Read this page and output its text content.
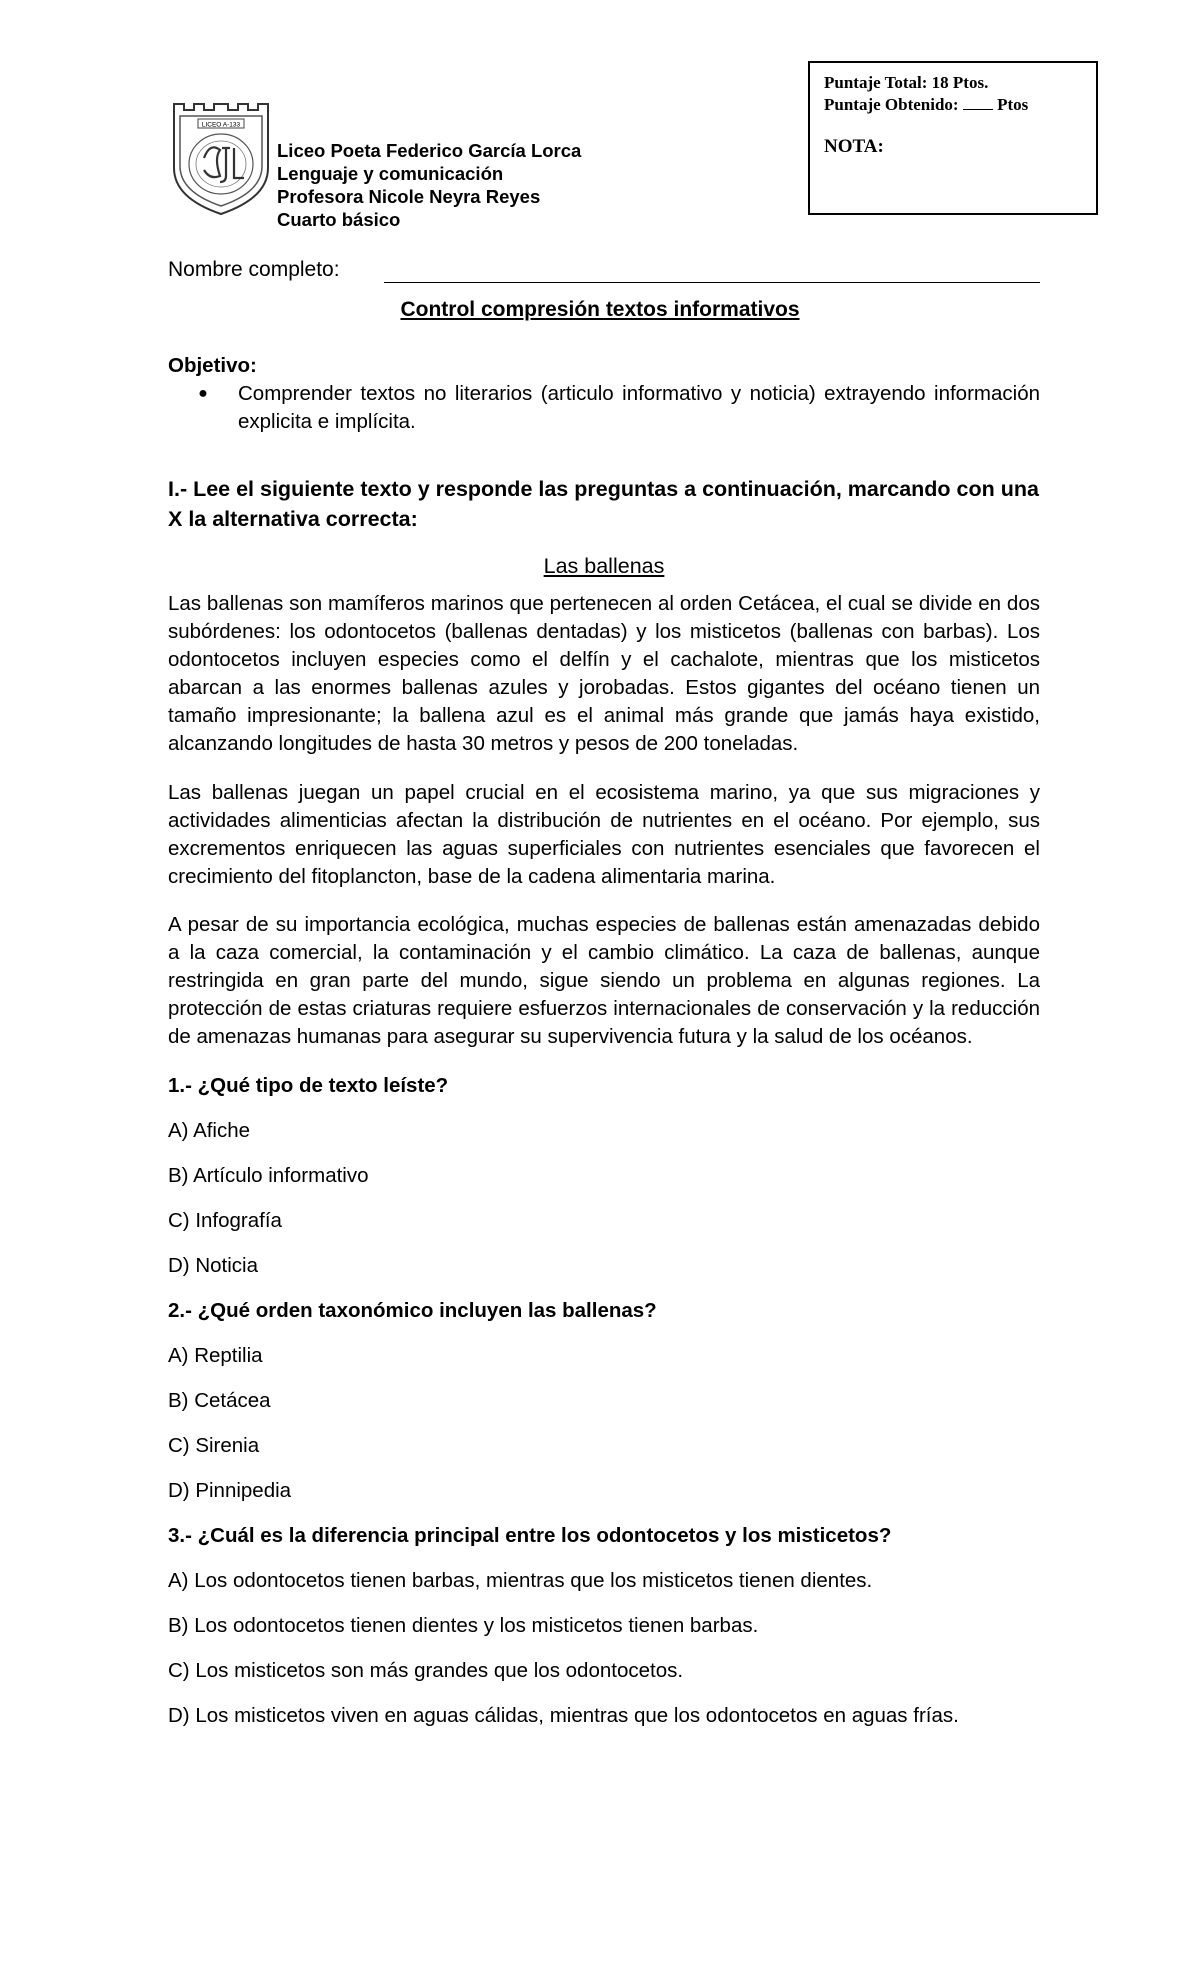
LICEO A-133
Liceo Poeta Federico García Lorca
Lenguaje y comunicación
Profesora Nicole Neyra Reyes
Cuarto básico
Puntaje Total: 18 Ptos.
Puntaje Obtenido: Ptos
NOTA:
Nombre completo:
Control compresión textos informativos

Objetivo:

●	Comprender textos no literarios (articulo informativo y noticia) extrayendo información explicita e implícita.
I.- Lee el siguiente texto y responde las preguntas a continuación, marcando con una X la alternativa correcta:
Las ballenas

Las ballenas son mamíferos marinos que pertenecen al orden Cetácea, el cual se divide en dos subórdenes: los odontocetos (ballenas dentadas) y los misticetos (ballenas con barbas). Los odontocetos incluyen especies como el delfín y el cachalote, mientras que los misticetos abarcan a las enormes ballenas azules y jorobadas. Estos gigantes del océano tienen un tamaño impresionante; la ballena azul es el animal más grande que jamás haya existido, alcanzando longitudes de hasta 30 metros y pesos de 200 toneladas.

Las ballenas juegan un papel crucial en el ecosistema marino, ya que sus migraciones y actividades alimenticias afectan la distribución de nutrientes en el océano. Por ejemplo, sus excrementos enriquecen las aguas superficiales con nutrientes esenciales que favorecen el crecimiento del fitoplancton, base de la cadena alimentaria marina.

A pesar de su importancia ecológica, muchas especies de ballenas están amenazadas debido a la caza comercial, la contaminación y el cambio climático. La caza de ballenas, aunque restringida en gran parte del mundo, sigue siendo un problema en algunas regiones. La protección de estas criaturas requiere esfuerzos internacionales de conservación y la reducción de amenazas humanas para asegurar su supervivencia futura y la salud de los océanos.

1.- ¿Qué tipo de texto leíste?
A) Afiche
B) Artículo informativo
C) Infografía
D) Noticia
2.- ¿Qué orden taxonómico incluyen las ballenas?
A) Reptilia
B) Cetácea
C) Sirenia
D) Pinnipedia
3.- ¿Cuál es la diferencia principal entre los odontocetos y los misticetos?
A) Los odontocetos tienen barbas, mientras que los misticetos tienen dientes.
B) Los odontocetos tienen dientes y los misticetos tienen barbas.
C) Los misticetos son más grandes que los odontocetos.
D) Los misticetos viven en aguas cálidas, mientras que los odontocetos en aguas frías.
